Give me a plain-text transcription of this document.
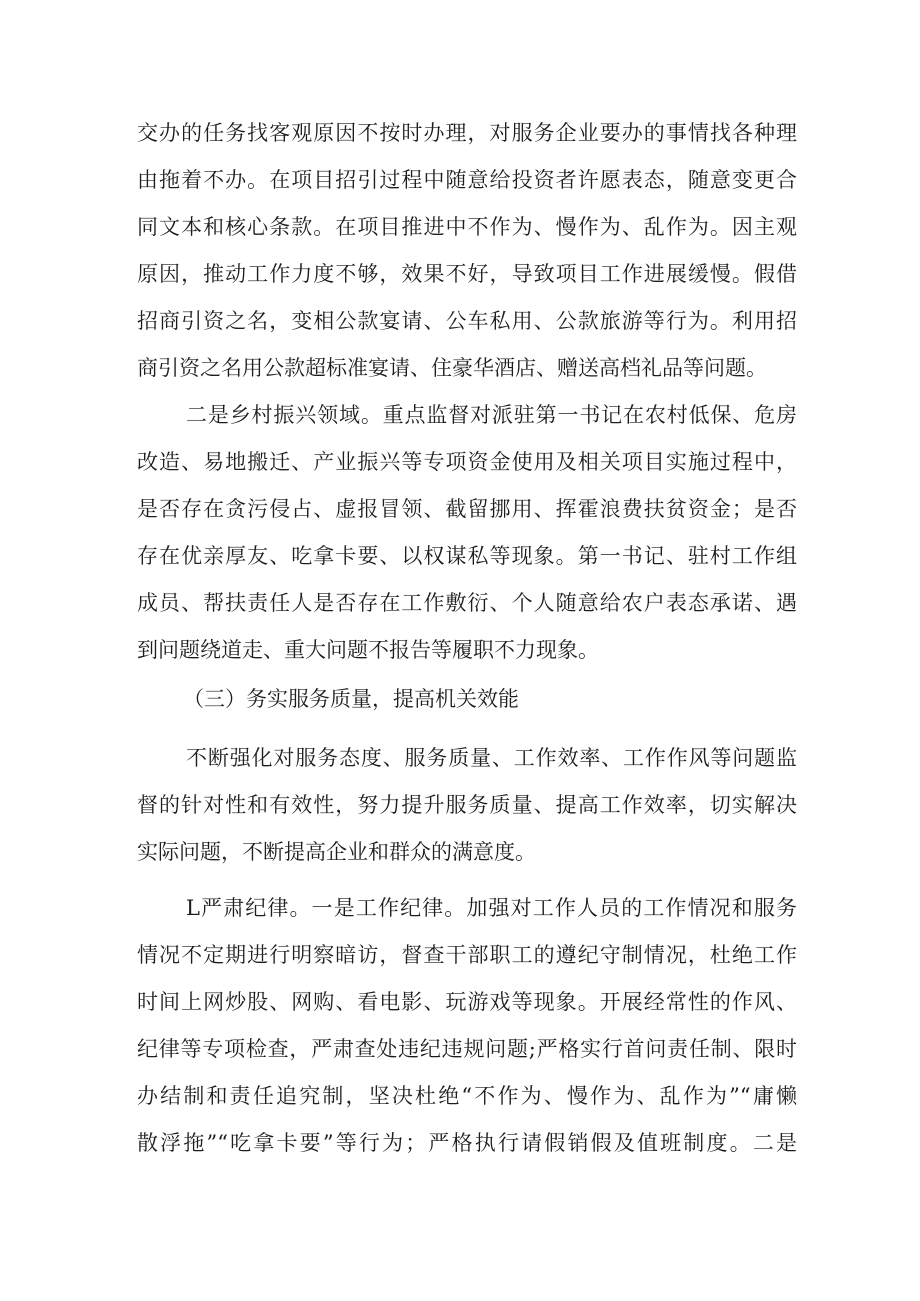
交办的任务找客观原因不按时办理，对服务企业要办的事情找各种理
由拖着不办。在项目招引过程中随意给投资者许愿表态，随意变更合
同文本和核心条款。在项目推进中不作为、慢作为、乱作为。因主观
原因，推动工作力度不够，效果不好，导致项目工作进展缓慢。假借
招商引资之名，变相公款宴请、公车私用、公款旅游等行为。利用招
商引资之名用公款超标准宴请、住豪华酒店、赠送高档礼品等问题。
二是乡村振兴领域。重点监督对派驻第一书记在农村低保、危房
改造、易地搬迁、产业振兴等专项资金使用及相关项目实施过程中，
是否存在贪污侵占、虚报冒领、截留挪用、挥霍浪费扶贫资金；是否
存在优亲厚友、吃拿卡要、以权谋私等现象。第一书记、驻村工作组
成员、帮扶责任人是否存在工作敷衍、个人随意给农户表态承诺、遇
到问题绕道走、重大问题不报告等履职不力现象。
（三）务实服务质量，提高机关效能
不断强化对服务态度、服务质量、工作效率、工作作风等问题监
督的针对性和有效性，努力提升服务质量、提高工作效率，切实解决
实际问题，不断提高企业和群众的满意度。
L严肃纪律。一是工作纪律。加强对工作人员的工作情况和服务
情况不定期进行明察暗访，督查干部职工的遵纪守制情况，杜绝工作
时间上网炒股、网购、看电影、玩游戏等现象。开展经常性的作风、
纪律等专项检查，严肃查处违纪违规问题;严格实行首问责任制、限时
办结制和责任追究制，坚决杜绝“不作为、慢作为、乱作为”“庸懒
散浮拖”“吃拿卡要”等行为；严格执行请假销假及值班制度。二是
